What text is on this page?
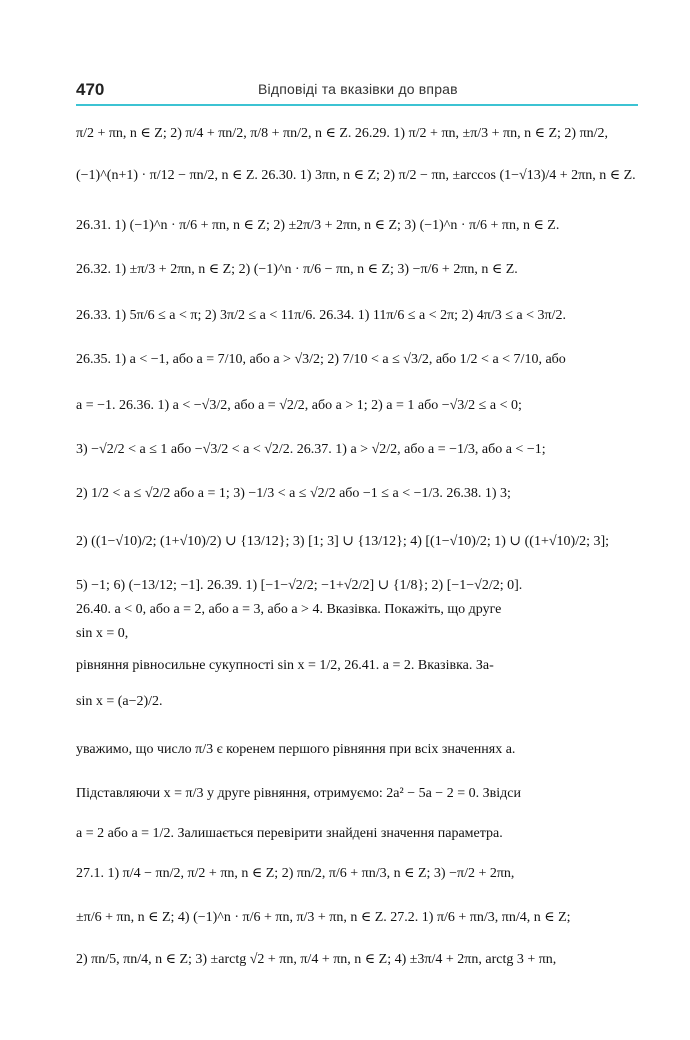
470	Відповіді та вказівки до вправ
π/2 + πn, n ∈ Z; 2) π/4 + πn/2, π/8 + πn/2, n ∈ Z. 26.29. 1) π/2 + πn, ±π/3 + πn, n ∈ Z; 2) πn/2,
(−1)^(n+1) · π/12 − πn/2, n ∈ Z. 26.30. 1) 3πn, n ∈ Z; 2) π/2 − πn, ±arccos (1−√13)/4 + 2πn, n ∈ Z.
26.31. 1) (−1)^n · π/6 + πn, n ∈ Z; 2) ±2π/3 + 2πn, n ∈ Z; 3) (−1)^n · π/6 + πn, n ∈ Z.
26.32. 1) ±π/3 + 2πn, n ∈ Z; 2) (−1)^n · π/6 − πn, n ∈ Z; 3) −π/6 + 2πn, n ∈ Z.
26.33. 1) 5π/6 ≤ a < π; 2) 3π/2 ≤ a < 11π/6. 26.34. 1) 11π/6 ≤ a < 2π; 2) 4π/3 ≤ a < 3π/2.
26.35. 1) a < −1, або a = 7/10, або a > √3/2; 2) 7/10 < a ≤ √3/2, або 1/2 < a < 7/10, або
a = −1. 26.36. 1) a < −√3/2, або a = √2/2, або a > 1; 2) a = 1 або −√3/2 ≤ a < 0;
3) −√2/2 < a ≤ 1 або −√3/2 < a < √2/2. 26.37. 1) a > √2/2, або a = −1/3, або a < −1;
2) 1/2 < a ≤ √2/2 або a = 1; 3) −1/3 < a ≤ √2/2 або −1 ≤ a < −1/3. 26.38. 1) 3;
2) ((1−√10)/2; (1+√10)/2) ∪ {13/12}; 3) [1; 3] ∪ {13/12}; 4) [(1−√10)/2; 1) ∪ ((1+√10)/2; 3];
5) −1; 6) (−13/12; −1]. 26.39. 1) [−1−√2/2; −1+√2/2] ∪ {1/8}; 2) [−1−√2/2; 0].
26.40. a < 0, або a = 2, або a = 3, або a > 4. Вказівка. Покажіть, що друге
sin x = 0,
рівняння рівносильне сукупності sin x = 1/2, 26.41. a = 2. Вказівка. За-
sin x = (a−2)/2.
уважимо, що число π/3 є коренем першого рівняння при всіх значеннях a.
Підставляючи x = π/3 у друге рівняння, отримуємо: 2a² − 5a − 2 = 0. Звідси
a = 2 або a = 1/2. Залишається перевірити знайдені значення параметра.
27.1. 1) π/4 − πn/2, π/2 + πn, n ∈ Z; 2) πn/2, π/6 + πn/3, n ∈ Z; 3) −π/2 + 2πn,
±π/6 + πn, n ∈ Z; 4) (−1)^n · π/6 + πn, π/3 + πn, n ∈ Z. 27.2. 1) π/6 + πn/3, πn/4, n ∈ Z;
2) πn/5, πn/4, n ∈ Z; 3) ±arctg √2 + πn, π/4 + πn, n ∈ Z; 4) ±3π/4 + 2πn, arctg 3 + πn,
